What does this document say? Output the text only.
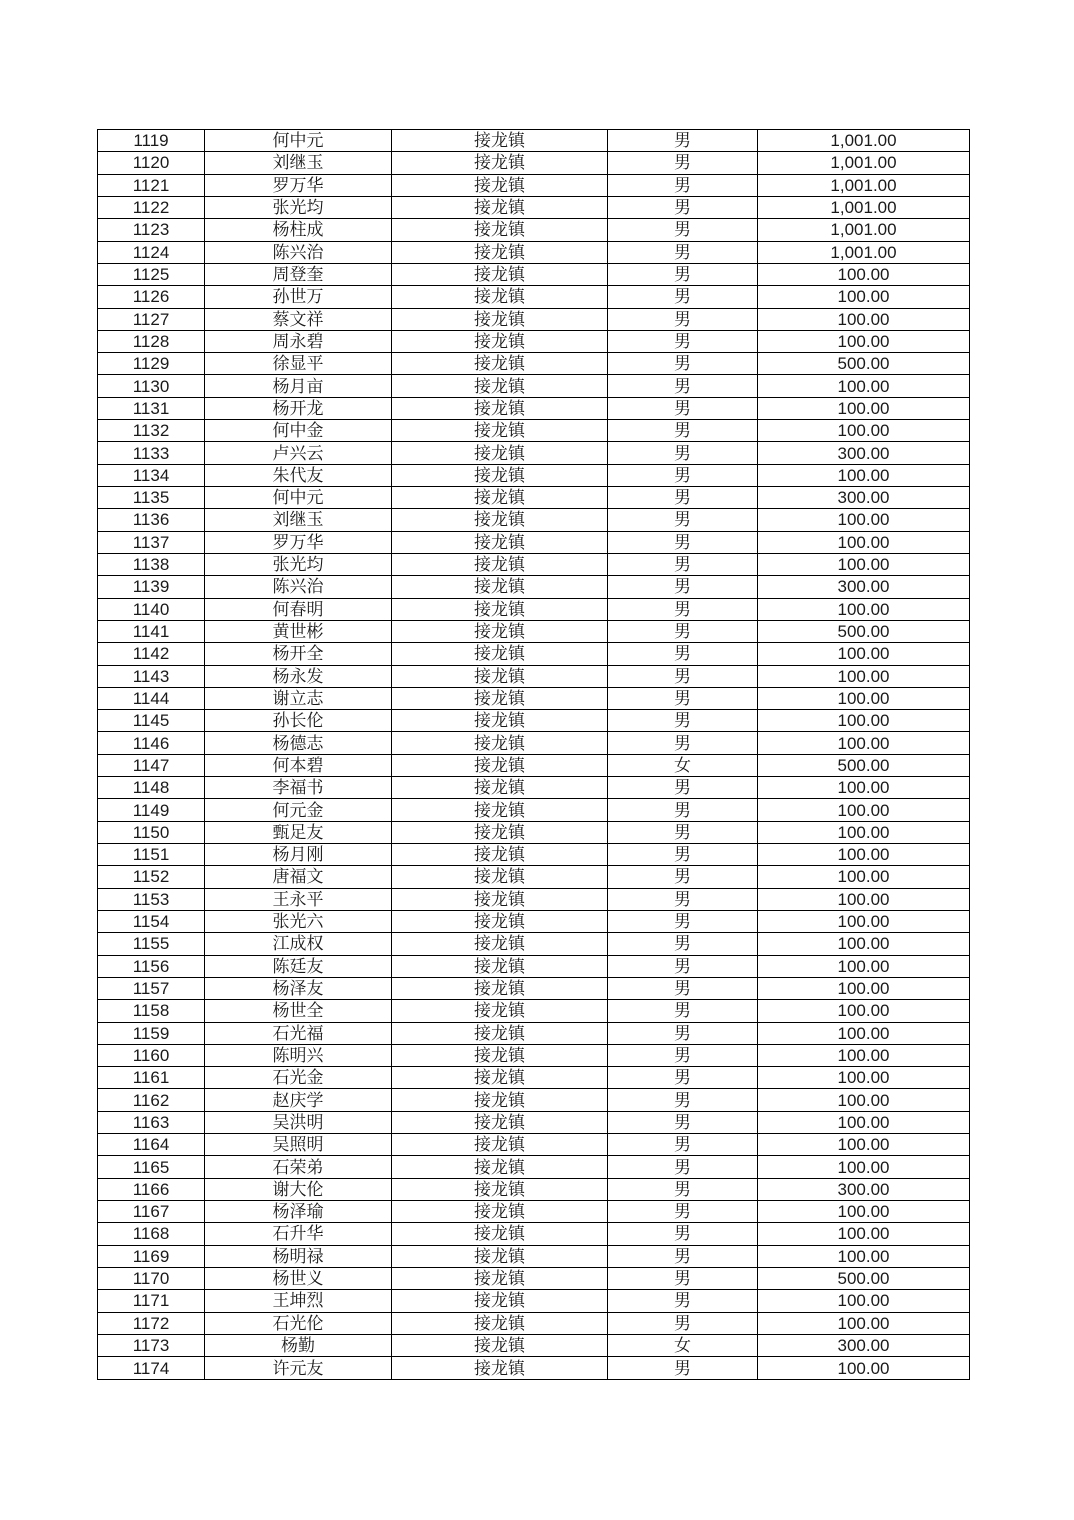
1119	何中元	接龙镇	男	1,001.00
1120	刘继玉	接龙镇	男	1,001.00
1121	罗万华	接龙镇	男	1,001.00
1122	张光均	接龙镇	男	1,001.00
1123	杨柱成	接龙镇	男	1,001.00
1124	陈兴治	接龙镇	男	1,001.00
1125	周登奎	接龙镇	男	100.00
1126	孙世万	接龙镇	男	100.00
1127	蔡文祥	接龙镇	男	100.00
1128	周永碧	接龙镇	男	100.00
1129	徐显平	接龙镇	男	500.00
1130	杨月亩	接龙镇	男	100.00
1131	杨开龙	接龙镇	男	100.00
1132	何中金	接龙镇	男	100.00
1133	卢兴云	接龙镇	男	300.00
1134	朱代友	接龙镇	男	100.00
1135	何中元	接龙镇	男	300.00
1136	刘继玉	接龙镇	男	100.00
1137	罗万华	接龙镇	男	100.00
1138	张光均	接龙镇	男	100.00
1139	陈兴治	接龙镇	男	300.00
1140	何春明	接龙镇	男	100.00
1141	黄世彬	接龙镇	男	500.00
1142	杨开全	接龙镇	男	100.00
1143	杨永发	接龙镇	男	100.00
1144	谢立志	接龙镇	男	100.00
1145	孙长伦	接龙镇	男	100.00
1146	杨德志	接龙镇	男	100.00
1147	何本碧	接龙镇	女	500.00
1148	李福书	接龙镇	男	100.00
1149	何元金	接龙镇	男	100.00
1150	甄足友	接龙镇	男	100.00
1151	杨月刚	接龙镇	男	100.00
1152	唐福文	接龙镇	男	100.00
1153	王永平	接龙镇	男	100.00
1154	张光六	接龙镇	男	100.00
1155	江成权	接龙镇	男	100.00
1156	陈廷友	接龙镇	男	100.00
1157	杨泽友	接龙镇	男	100.00
1158	杨世全	接龙镇	男	100.00
1159	石光福	接龙镇	男	100.00
1160	陈明兴	接龙镇	男	100.00
1161	石光金	接龙镇	男	100.00
1162	赵庆学	接龙镇	男	100.00
1163	吴洪明	接龙镇	男	100.00
1164	吴照明	接龙镇	男	100.00
1165	石荣弟	接龙镇	男	100.00
1166	谢大伦	接龙镇	男	300.00
1167	杨泽瑜	接龙镇	男	100.00
1168	石升华	接龙镇	男	100.00
1169	杨明禄	接龙镇	男	100.00
1170	杨世义	接龙镇	男	500.00
1171	王坤烈	接龙镇	男	100.00
1172	石光伦	接龙镇	男	100.00
1173	杨勤	接龙镇	女	300.00
1174	许元友	接龙镇	男	100.00
